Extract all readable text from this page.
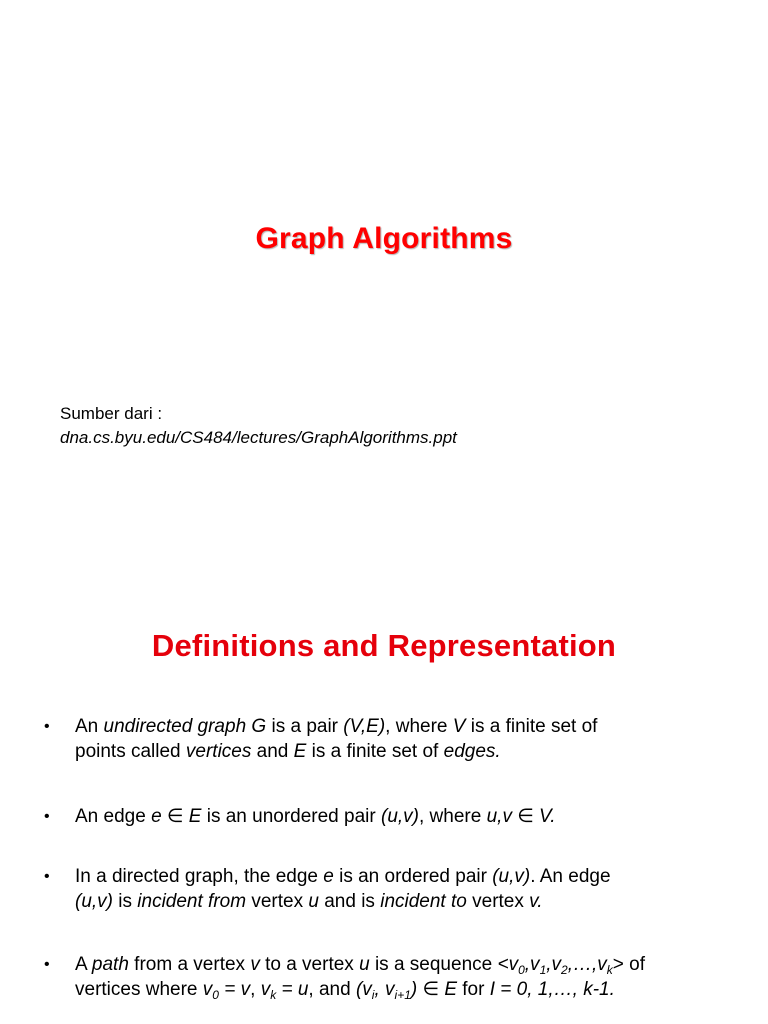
Graph Algorithms
Sumber dari :
dna.cs.byu.edu/CS484/lectures/GraphAlgorithms.ppt
Definitions and Representation
• An undirected graph G is a pair (V,E), where V is a finite set of
points called vertices and E is a finite set of edges.
• An edge e ∈ E is an unordered pair (u,v), where u,v ∈ V.
• In a directed graph, the edge e is an ordered pair (u,v). An edge
(u,v) is incident from vertex u and is incident to vertex v.
• A path from a vertex v to a vertex u is a sequence $<v_0,v_1,v_2,\dots,v_k>$ of
vertices where $v_0 = v$, $v_k = u$, and ($v_i$, $v_{i+1}$) ∈ E for I = 0, 1,…, k-1.
